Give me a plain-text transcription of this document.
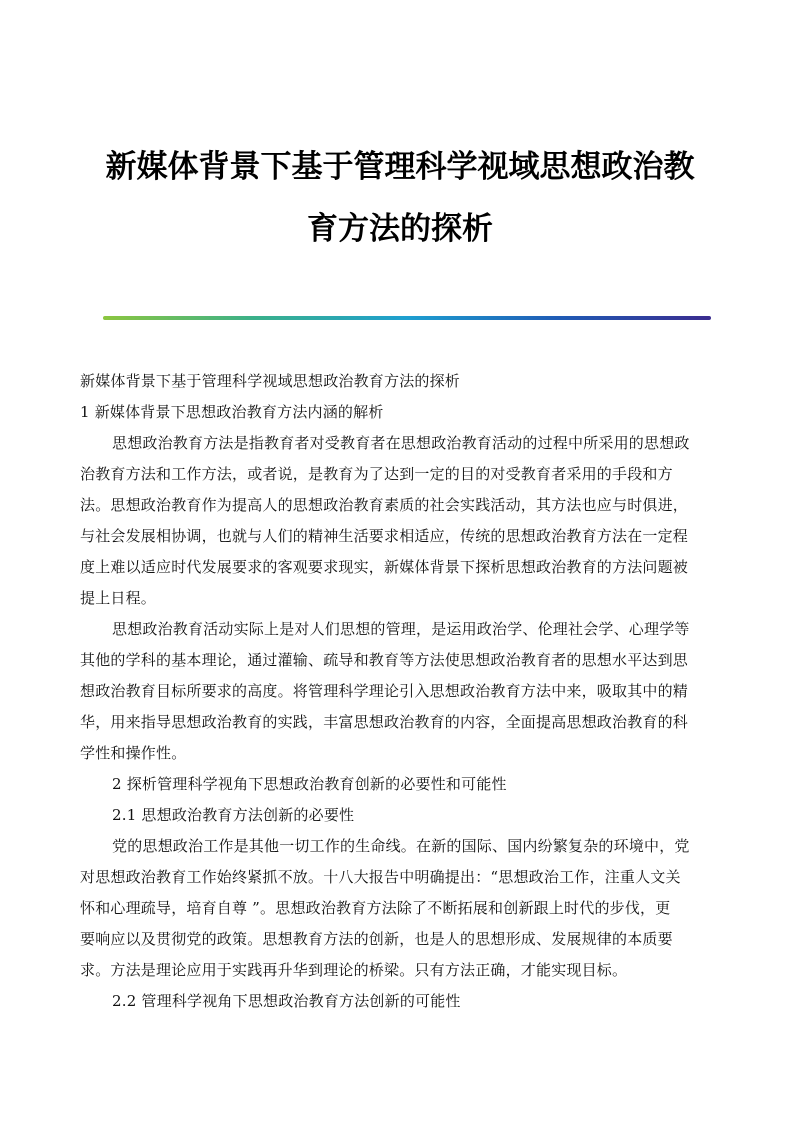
新媒体背景下基于管理科学视域思想政治教
育方法的探析
新媒体背景下基于管理科学视域思想政治教育方法的探析
1 新媒体背景下思想政治教育方法内涵的解析
思想政治教育方法是指教育者对受教育者在思想政治教育活动的过程中所采用的思想政
治教育方法和工作方法，或者说，是教育为了达到一定的目的对受教育者采用的手段和方
法。思想政治教育作为提高人的思想政治教育素质的社会实践活动，其方法也应与时俱进，
与社会发展相协调，也就与人们的精神生活要求相适应，传统的思想政治教育方法在一定程
度上难以适应时代发展要求的客观要求现实，新媒体背景下探析思想政治教育的方法问题被
提上日程。
思想政治教育活动实际上是对人们思想的管理，是运用政治学、伦理社会学、心理学等
其他的学科的基本理论，通过灌输、疏导和教育等方法使思想政治教育者的思想水平达到思
想政治教育目标所要求的高度。将管理科学理论引入思想政治教育方法中来，吸取其中的精
华，用来指导思想政治教育的实践，丰富思想政治教育的内容，全面提高思想政治教育的科
学性和操作性。
2 探析管理科学视角下思想政治教育创新的必要性和可能性
2.1 思想政治教育方法创新的必要性
党的思想政治工作是其他一切工作的生命线。在新的国际、国内纷繁复杂的环境中，党
对思想政治教育工作始终紧抓不放。十八大报告中明确提出：“思想政治工作，注重人文关
怀和心理疏导，培育自尊 ”。思想政治教育方法除了不断拓展和创新跟上时代的步伐，更
要响应以及贯彻党的政策。思想教育方法的创新，也是人的思想形成、发展规律的本质要
求。方法是理论应用于实践再升华到理论的桥梁。只有方法正确，才能实现目标。
2.2 管理科学视角下思想政治教育方法创新的可能性
